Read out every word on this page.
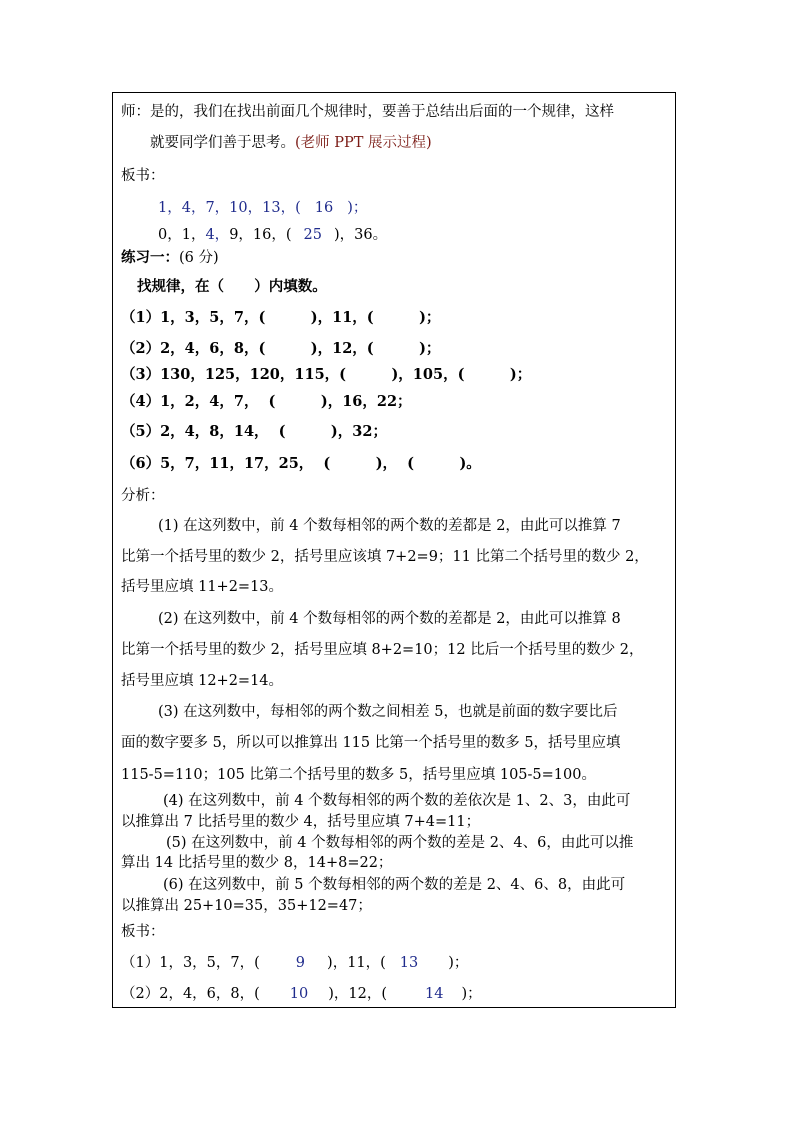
师：是的，我们在找出前面几个规律时，要善于总结出后面的一个规律，这样
就要同学们善于思考。(老师 PPT 展示过程)
板书：
1，4，7，10，13，( 16 )；
0，1，4，9，16，( 25 )，36。
练习一：(6 分)
找规律，在（      ）内填数。
（1）1，3，5，7，(         )，11，(         )；
（2）2，4，6，8，(         )，12，(         )；
（3）130，125，120，115，(         )，105，(         )；
（4）1，2，4，7，  (         )，16，22；
（5）2，4，8，14，  (         )，32；
（6）5，7，11，17，25，  (         )，  (         )。
分析：
(1) 在这列数中，前 4 个数每相邻的两个数的差都是 2，由此可以推算 7
比第一个括号里的数少 2，括号里应该填 7+2=9；11 比第二个括号里的数少 2，
括号里应填 11+2=13。
(2) 在这列数中，前 4 个数每相邻的两个数的差都是 2，由此可以推算 8
比第一个括号里的数少 2，括号里应填 8+2=10；12 比后一个括号里的数少 2，
括号里应填 12+2=14。
(3) 在这列数中，每相邻的两个数之间相差 5，也就是前面的数字要比后
面的数字要多 5，所以可以推算出 115 比第一个括号里的数多 5，括号里应填
115-5=110；105 比第二个括号里的数多 5，括号里应填 105-5=100。
(4) 在这列数中，前 4 个数每相邻的两个数的差依次是 1、2、3，由此可
以推算出 7 比括号里的数少 4，括号里应填 7+4=11；
(5) 在这列数中，前 4 个数每相邻的两个数的差是 2、4、6，由此可以推
算出 14 比括号里的数少 8，14+8=22；
(6) 在这列数中，前 5 个数每相邻的两个数的差是 2、4、6、8，由此可
以推算出 25+10=35，35+12=47；
板书：
（1）1，3，5，7，( 9 )，11，( 13 )；
（2）2，4，6，8，( 10 )，12，(	14 )；
